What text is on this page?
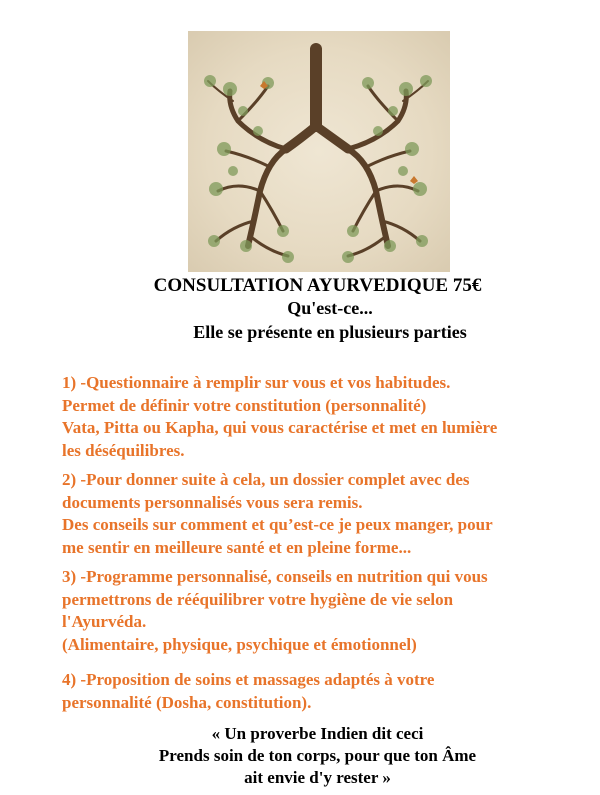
CONSULTATION AYURVEDIQUE 75€
Qu'est-ce...
Elle se présente en plusieurs parties
1) -Questionnaire à remplir sur vous et vos habitudes.
Permet de définir votre constitution (personnalité)
Vata, Pitta ou Kapha, qui vous caractérise et met en lumière
les déséquilibres.
2) -Pour donner suite à cela, un dossier complet avec des
documents personnalisés vous sera remis.
Des conseils sur comment et qu’est-ce je peux manger, pour
me sentir en meilleure santé et en pleine forme...
3) -Programme personnalisé, conseils en nutrition qui vous
permettrons de rééquilibrer votre hygiène de vie selon
l'Ayurvéda.
(Alimentaire, physique, psychique et émotionnel)
4) -Proposition de soins et massages adaptés à votre
personnalité (Dosha, constitution).
« Un proverbe Indien dit ceci
Prends soin de ton corps, pour que ton Âme
ait envie d'y rester »
